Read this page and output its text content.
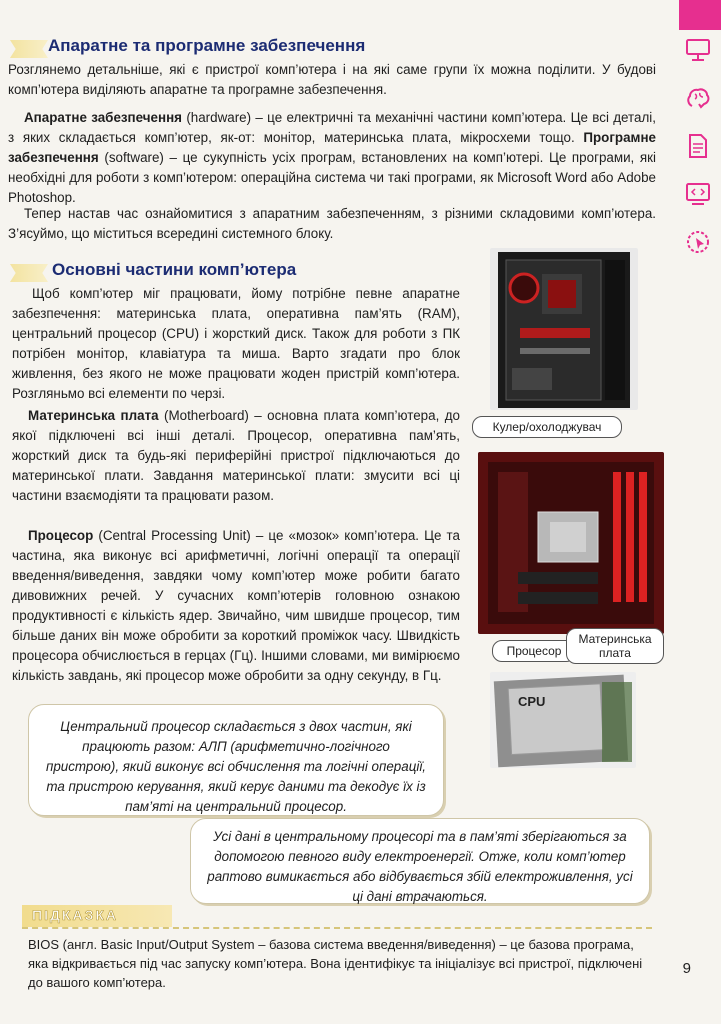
Апаратне та програмне забезпечення

Розглянемо детальніше, які є пристрої комп’ютера і на які саме групи їх можна поділити. У будові комп’ютера виділяють апаратне та програмне забезпечення.

Апаратне забезпечення (hardware) – це електричні та механічні частини комп’ютера. Це всі деталі, з яких складається комп’ютер, як-от: монітор, материнська плата, мікросхеми тощо. Програмне забезпечення (software) – це сукупність усіх програм, встановлених на комп’ютері. Це програми, які необхідні для роботи з комп’ютером: операційна система чи такі програми, як Microsoft Word або Adobe Photoshop.

Тепер настав час ознайомитися з апаратним забезпеченням, з різними складовими комп’ютера. З’ясуймо, що міститься всередині системного блоку.

Основні частини комп’ютера

Щоб комп’ютер міг працювати, йому потрібне певне апаратне забезпечення: материнська плата, оперативна пам’ять (RAM), центральний процесор (CPU) і жорсткий диск. Також для роботи з ПК потрібен монітор, клавіатура та миша. Варто згадати про блок живлення, без якого не може працювати жоден пристрій комп’ютера. Розгляньмо всі елементи по черзі.

Материнська плата (Motherboard) – основна плата комп’ютера, до якої підключені всі інші деталі. Процесор, оперативна пам’ять, жорсткий диск та будь-які периферійні пристрої підключаються до материнської плати. Завдання материнської плати: змусити всі ці частини взаємодіяти та працювати разом.

Процесор (Central Processing Unit) – це «мозок» комп’ютера. Це та частина, яка виконує всі арифметичні, логічні операції та операції введення/виведення, завдяки чому комп’ютер може робити багато дивовижних речей. У сучасних комп’ютерів головною ознакою продуктивності є кількість ядер. Звичайно, чим швидше процесор, тим більше даних він може обробити за короткий проміжок часу. Швидкість процесора обчислюється в герцах (Гц). Іншими словами, ми вимірюємо кількість завдань, які процесор може обробити за одну секунду, в Гц.

Кулер/охолоджувач
Процесор
Материнська плата
CPU

Центральний процесор складається з двох частин, які працюють разом: АЛП (арифметично-логічного пристрою), який виконує всі обчислення та логічні операції, та пристрою керування, який керує даними та декодує їх із пам’яті на центральний процесор.

Усі дані в центральному процесорі та в пам’яті зберігаються за допомогою певного виду електроенергії. Отже, коли комп’ютер раптово вимикається або відбувається збій електроживлення, усі ці дані втрачаються.

ПІДКАЗКА

BIOS (англ. Basic Input/Output System – базова система введення/виведення) – це базова програма, яка відкривається під час запуску комп’ютера. Вона ідентифікує та ініціалізує всі пристрої, підключені до вашого комп’ютера.

9
